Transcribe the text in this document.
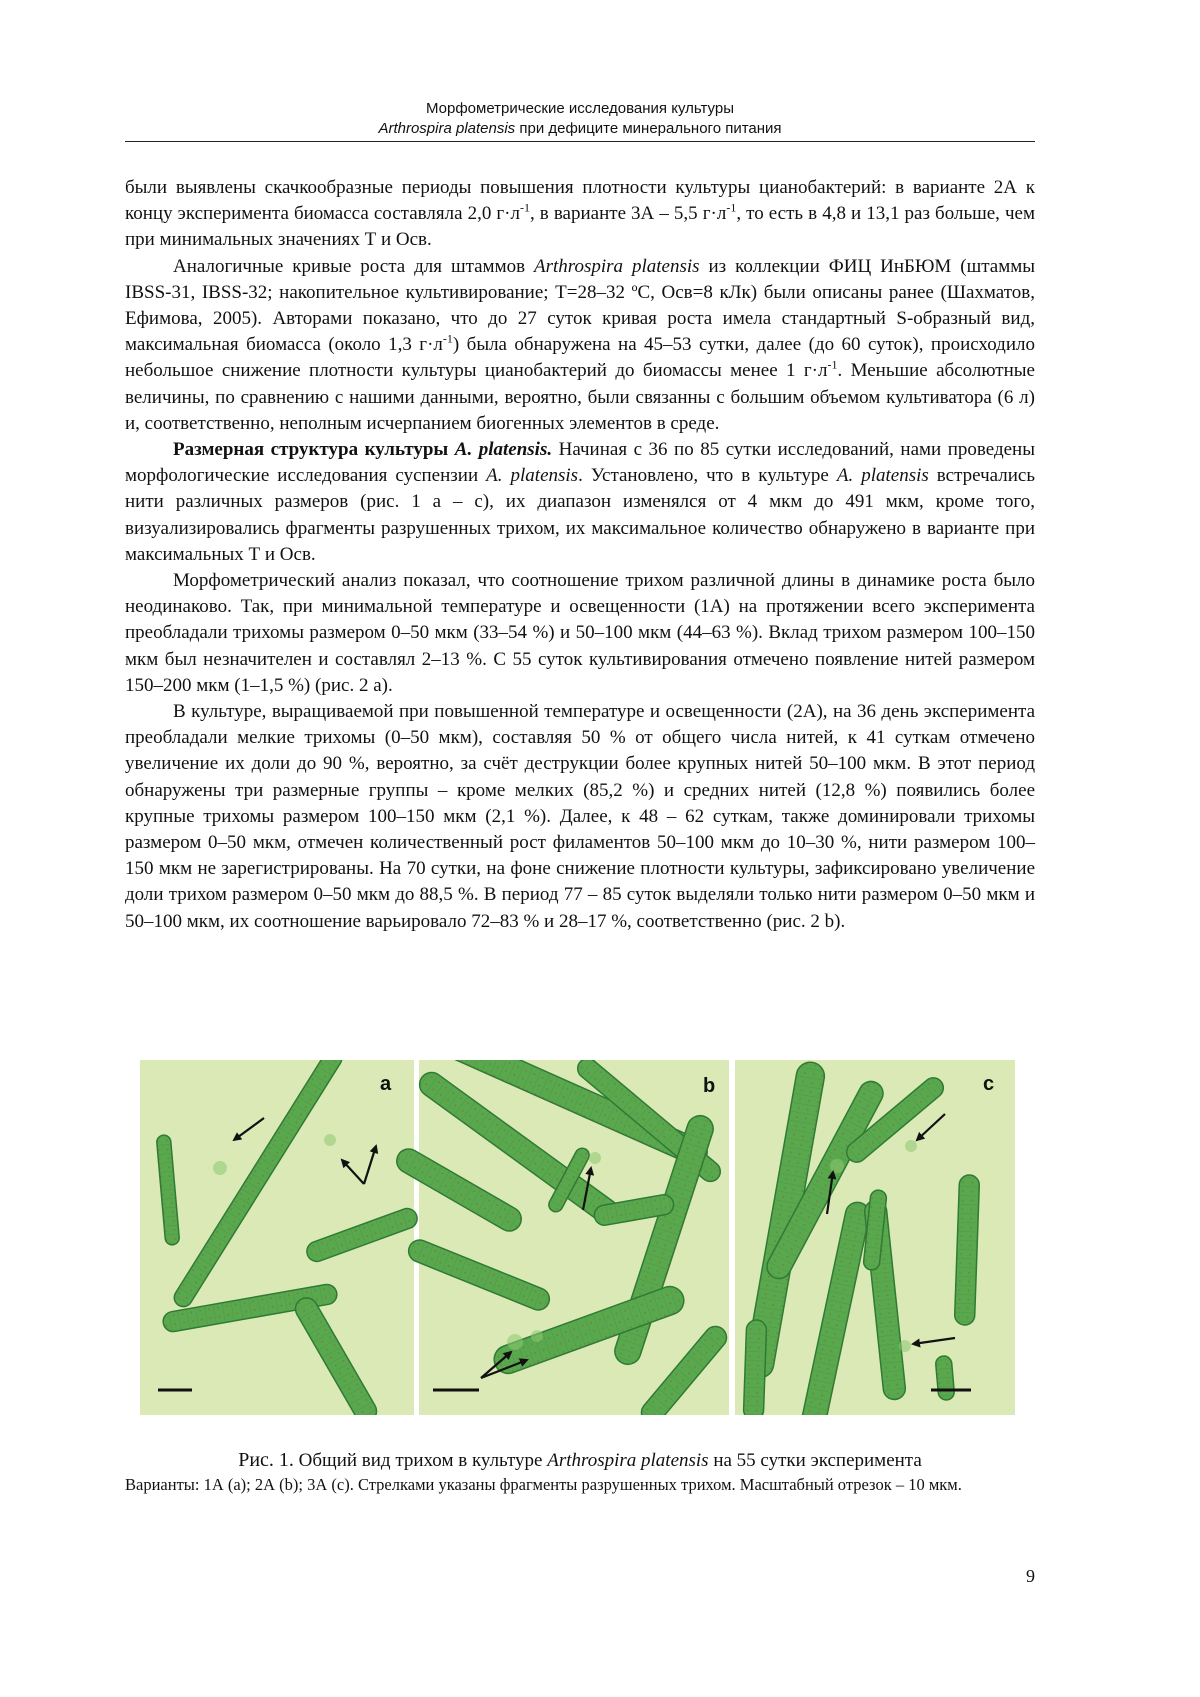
Морфометрические исследования культуры
Arthrospira platensis при дефиците минерального питания

были выявлены скачкообразные периоды повышения плотности культуры цианобактерий: в варианте 2А к концу эксперимента биомасса составляла 2,0 $г\cdot л^{-1}$, в варианте 3А – 5,5 $г\cdot л^{-1}$, то есть в 4,8 и 13,1 раз больше, чем при минимальных значениях Т и Осв.

Аналогичные кривые роста для штаммов Arthrospira platensis из коллекции ФИЦ ИнБЮМ (штаммы IBSS-31, IBSS-32; накопительное культивирование; T=28–32 ºС, Осв=8 кЛк) были описаны ранее (Шахматов, Ефимова, 2005). Авторами показано, что до 27 суток кривая роста имела стандартный S-образный вид, максимальная биомасса (около 1,3 $г\cdot л^{-1}$) была обнаружена на 45–53 сутки, далее (до 60 суток), происходило небольшое снижение плотности культуры цианобактерий до биомассы менее 1 $г\cdot л^{-1}$. Меньшие абсолютные величины, по сравнению с нашими данными, вероятно, были связанны с большим объемом культиватора (6 л) и, соответственно, неполным исчерпанием биогенных элементов в среде.

Размерная структура культуры A. platensis. Начиная с 36 по 85 сутки исследований, нами проведены морфологические исследования суспензии A. platensis. Установлено, что в культуре A. platensis встречались нити различных размеров (рис. 1 а – с), их диапазон изменялся от 4 мкм до 491 мкм, кроме того, визуализировались фрагменты разрушенных трихом, их максимальное количество обнаружено в варианте при максимальных Т и Осв.

Морфометрический анализ показал, что соотношение трихом различной длины в динамике роста было неодинаково. Так, при минимальной температуре и освещенности (1А) на протяжении всего эксперимента преобладали трихомы размером 0–50 мкм (33–54 %) и 50–100 мкм (44–63 %). Вклад трихом размером 100–150 мкм был незначителен и составлял 2–13 %. С 55 суток культивирования отмечено появление нитей размером 150–200 мкм (1–1,5 %) (рис. 2 а).

В культуре, выращиваемой при повышенной температуре и освещенности (2А), на 36 день эксперимента преобладали мелкие трихомы (0–50 мкм), составляя 50 % от общего числа нитей, к 41 суткам отмечено увеличение их доли до 90 %, вероятно, за счёт деструкции более крупных нитей 50–100 мкм. В этот период обнаружены три размерные группы – кроме мелких (85,2 %) и средних нитей (12,8 %) появились более крупные трихомы размером 100–150 мкм (2,1 %). Далее, к 48 – 62 суткам, также доминировали трихомы размером 0–50 мкм, отмечен количественный рост филаментов 50–100 мкм до 10–30 %, нити размером 100–150 мкм не зарегистрированы. На 70 сутки, на фоне снижение плотности культуры, зафиксировано увеличение доли трихом размером 0–50 мкм до 88,5 %. В период 77 – 85 суток выделяли только нити размером 0–50 мкм и 50–100 мкм, их соотношение варьировало 72–83 % и 28–17 %, соответственно (рис. 2 b).

a	b	c
Рис. 1. Общий вид трихом в культуре Arthrospira platensis на 55 сутки эксперимента
Варианты: 1А (a); 2А (b); 3А (c). Стрелками указаны фрагменты разрушенных трихом. Масштабный отрезок – 10 мкм.
9
